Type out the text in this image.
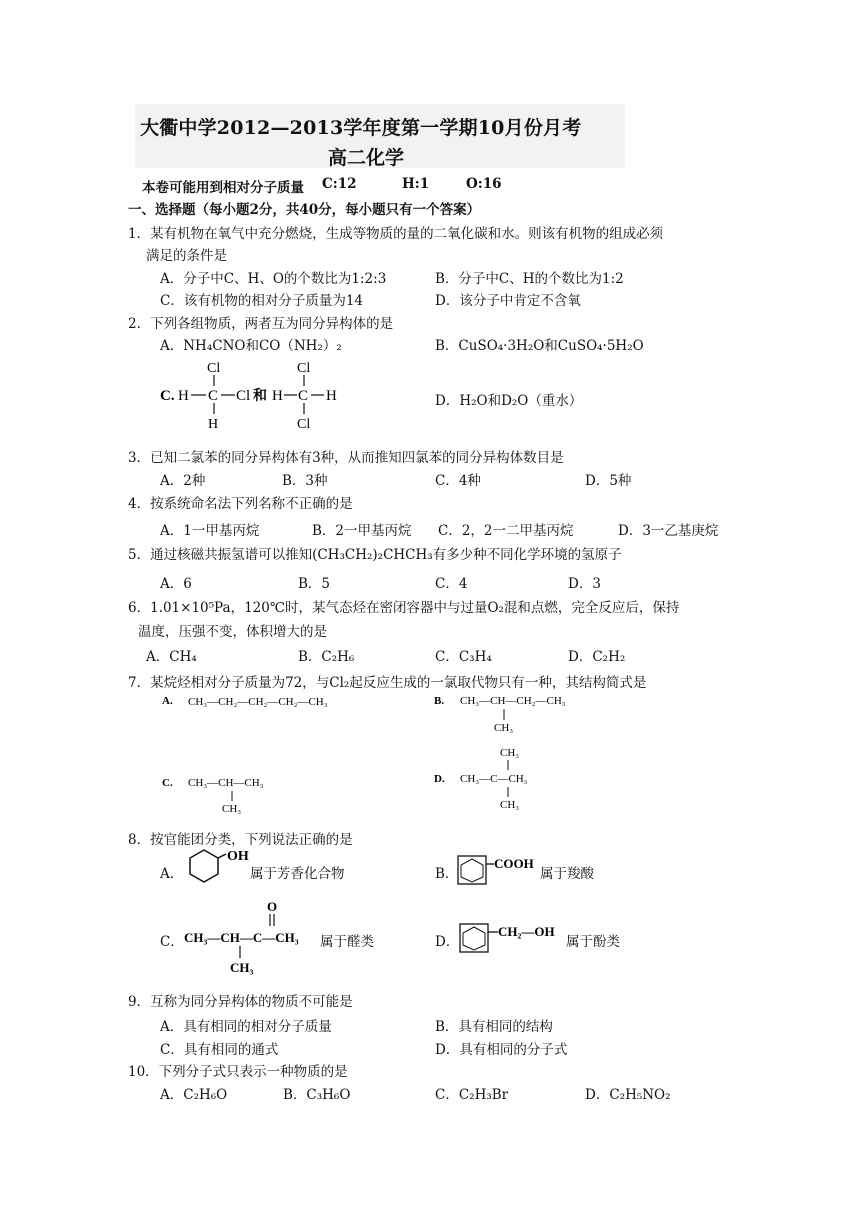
大衢中学2012—2013学年度第一学期10月份月考
高二化学
本卷可能用到相对分子质量 C:12	H:1	O:16
一、选择题（每小题2分，共40分，每小题只有一个答案）
1．某有机物在氧气中充分燃烧，生成等物质的量的二氧化碳和水。则该有机物的组成必须
满足的条件是
A．分子中C、H、O的个数比为1:2:3	B．分子中C、H的个数比为1:2
C．该有机物的相对分子质量为14	D．该分子中肯定不含氧
2．下列各组物质，两者互为同分异构体的是
A．NH₄CNO和CO（NH₂）₂	B．CuSO₄·3H₂O和CuSO₄·5H₂O
C.
Cl
H C Cl
H
和
Cl
H C H
Cl
D．H₂O和D₂O（重水）
3．已知二氯苯的同分异构体有3种，从而推知四氯苯的同分异构体数目是
A．2种	B．3种	C．4种	D．5种
4．按系统命名法下列名称不正确的是
A．1一甲基丙烷	B．2一甲基丙烷 C．2，2一二甲基丙烷	D．3一乙基庚烷
5．通过核磁共振氢谱可以推知(CH₃CH₂)₂CHCH₃有多少种不同化学环境的氢原子
A．6	B．5	C．4	D．3
6．1.01×10⁵Pa，120℃时，某气态烃在密闭容器中与过量O₂混和点燃，完全反应后，保持
温度，压强不变，体积增大的是
A．CH₄	B．C₂H₆	C．C₃H₄	D．C₂H₂
7．某烷烃相对分子质量为72，与Cl₂起反应生成的一氯取代物只有一种，其结构简式是
A. CH₃—CH₂—CH₂—CH₂—CH₃
C. CH₃—CH—CH₃
CH₃
B. CH₃—CH—CH₂—CH₃
CH₃
CH₃
D. CH₃—C—CH₃
CH₃
8．按官能团分类，下列说法正确的是
A．
OH
属于芳香化合物	B．
COOH
属于羧酸
C．
O
CH₃—CH—C—CH₃
CH₃
属于醛类	D．
CH₂—OH
属于酚类
9．互称为同分异构体的物质不可能是
A．具有相同的相对分子质量	B．具有相同的结构
C．具有相同的通式	D．具有相同的分子式
10．下列分子式只表示一种物质的是
A．C₂H₆O	B．C₃H₆O	C．C₂H₃Br	D．C₂H₅NO₂
